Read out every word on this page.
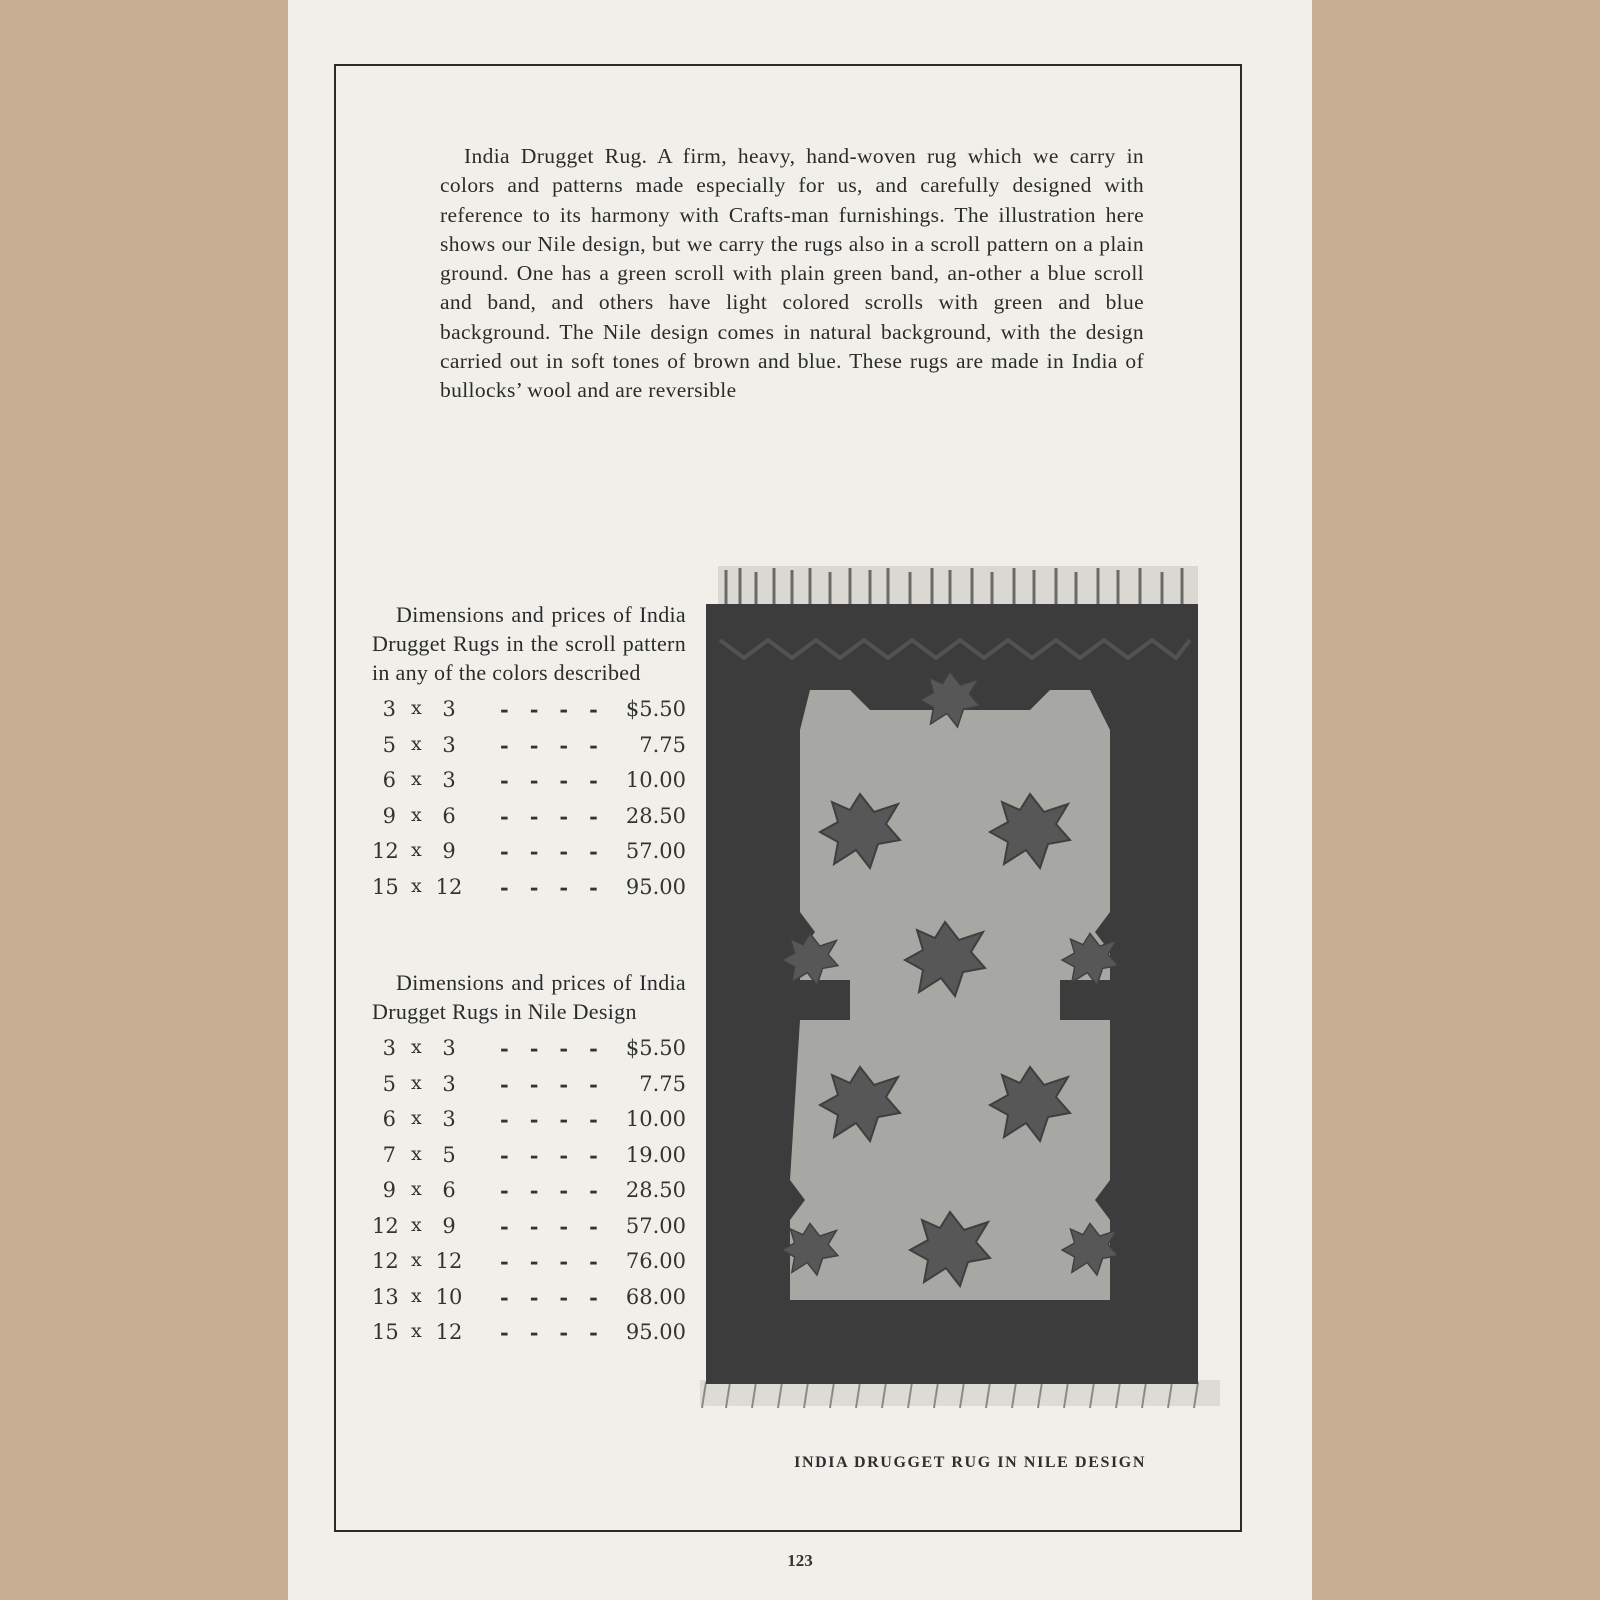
India Drugget Rug. A firm, heavy, hand-woven rug which we carry in colors and patterns made especially for us, and carefully designed with reference to its harmony with Crafts-man furnishings. The illustration here shows our Nile design, but we carry the rugs also in a scroll pattern on a plain ground. One has a green scroll with plain green band, an-other a blue scroll and band, and others have light colored scrolls with green and blue background. The Nile design comes in natural background, with the design carried out in soft tones of brown and blue. These rugs are made in India of bullocks’ wool and are reversible

Dimensions and prices of India Drugget Rugs in the scroll pattern in any of the colors described

3 x 3	---- $5.50
5 x 3	---- 7.75
6 x 3	---- 10.00
9 x 6	---- 28.50
12 x 9	---- 57.00
15 x 12 ---- 95.00

Dimensions and prices of India Drugget Rugs in Nile Design

3 x 3	---- $5.50
5 x 3	---- 7.75
6 x 3	---- 10.00
7 x 5	---- 19.00
9 x 6	---- 28.50
12 x 9	---- 57.00
12 x 12 ---- 76.00
13 x 10 ---- 68.00
15 x 12 ---- 95.00
INDIA DRUGGET RUG IN NILE DESIGN
123
